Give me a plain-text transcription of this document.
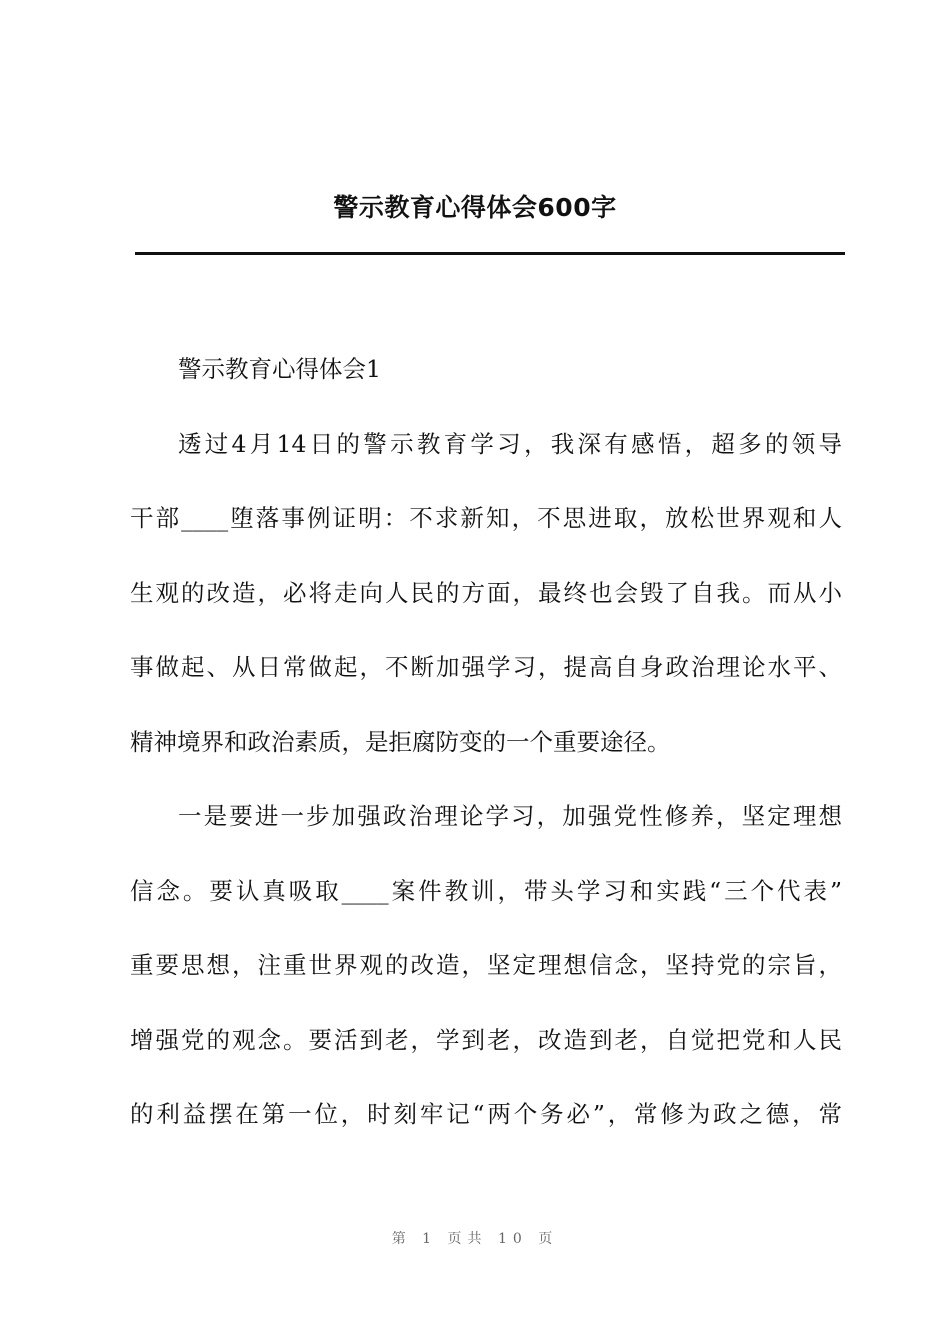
警示教育心得体会600字
警示教育心得体会1
透过4月14日的警示教育学习，我深有感悟，超多的领导
干部____堕落事例证明：不求新知，不思进取，放松世界观和人
生观的改造，必将走向人民的方面，最终也会毁了自我。而从小
事做起、从日常做起，不断加强学习，提高自身政治理论水平、
精神境界和政治素质，是拒腐防变的一个重要途径。
一是要进一步加强政治理论学习，加强党性修养，坚定理想
信念。要认真吸取____案件教训，带头学习和实践“三个代表”
重要思想，注重世界观的改造，坚定理想信念，坚持党的宗旨，
增强党的观念。要活到老，学到老，改造到老，自觉把党和人民
的利益摆在第一位，时刻牢记“两个务必”，常修为政之德，常
第 1 页共 10 页
